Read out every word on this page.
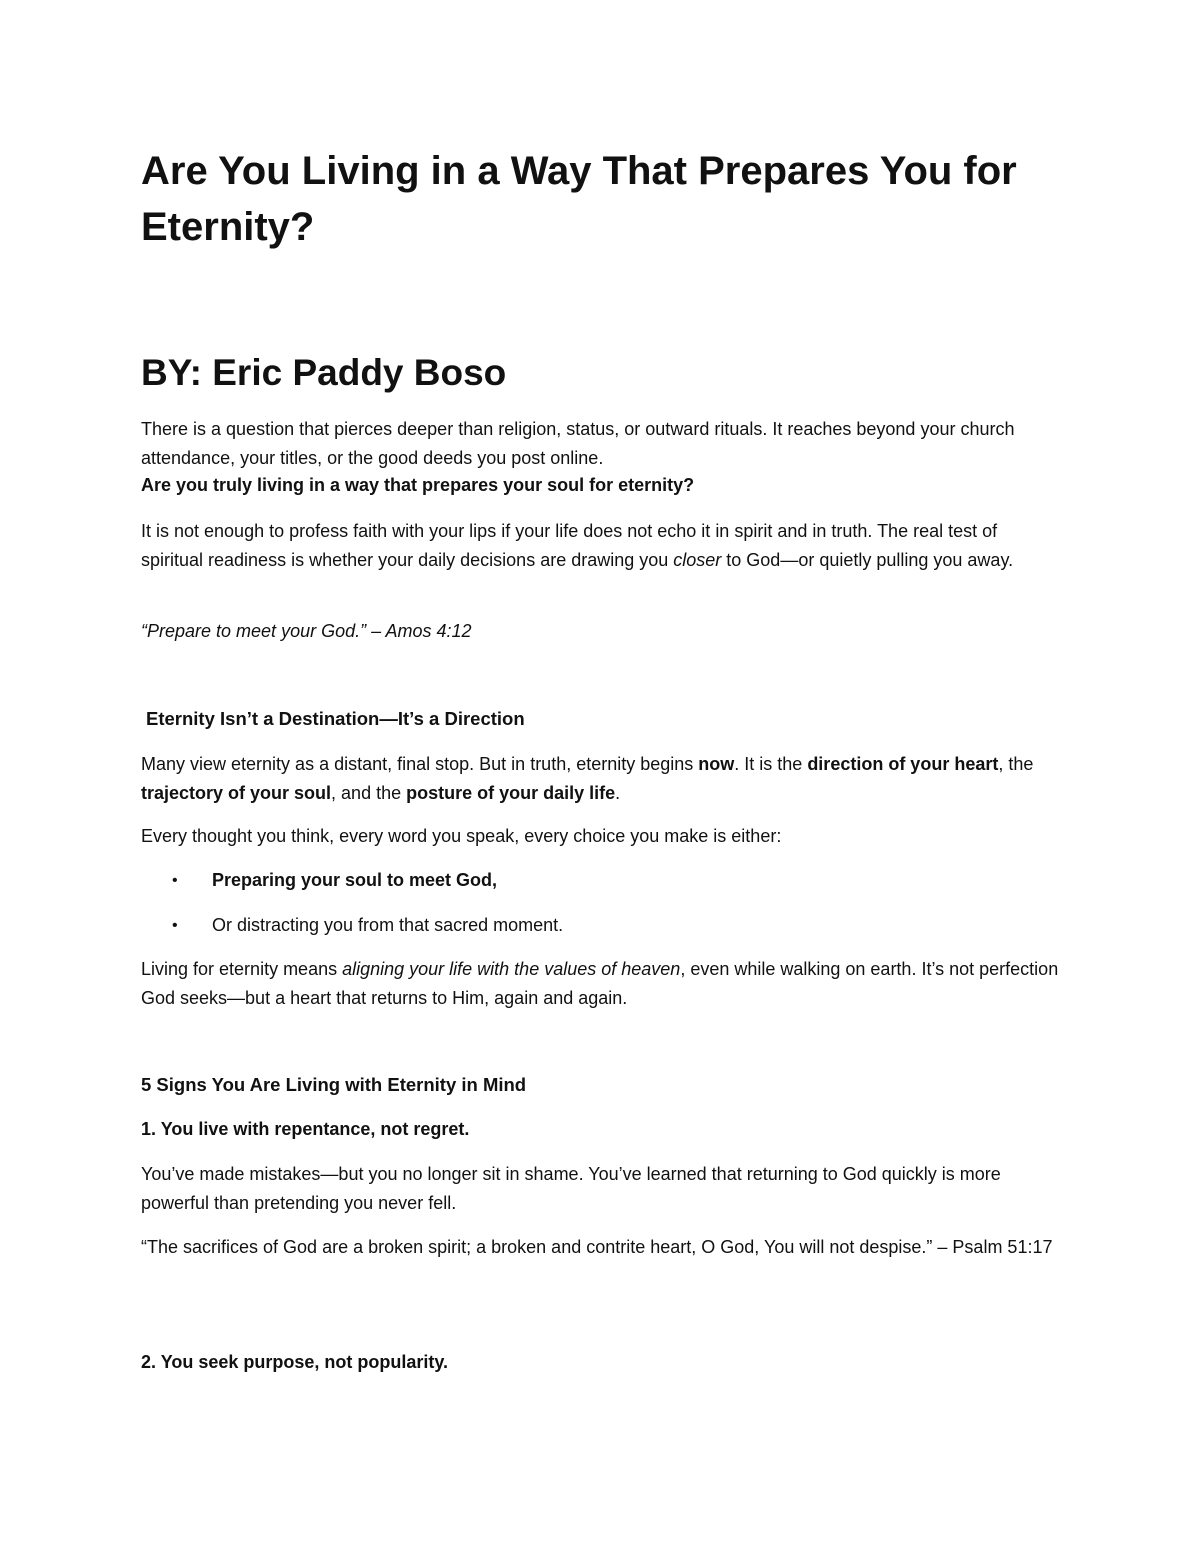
Are You Living in a Way That Prepares You for Eternity?
BY: Eric Paddy Boso

There is a question that pierces deeper than religion, status, or outward rituals. It reaches beyond your church attendance, your titles, or the good deeds you post online.

Are you truly living in a way that prepares your soul for eternity?

It is not enough to profess faith with your lips if your life does not echo it in spirit and in truth. The real test of spiritual readiness is whether your daily decisions are drawing you closer to God—or quietly pulling you away.

“Prepare to meet your God.” – Amos 4:12

Eternity Isn’t a Destination—It’s a Direction

Many view eternity as a distant, final stop. But in truth, eternity begins now. It is the direction of your heart, the trajectory of your soul, and the posture of your daily life.

Every thought you think, every word you speak, every choice you make is either:

• Preparing your soul to meet God,
• Or distracting you from that sacred moment.

Living for eternity means aligning your life with the values of heaven, even while walking on earth. It’s not perfection God seeks—but a heart that returns to Him, again and again.

5 Signs You Are Living with Eternity in Mind
1. You live with repentance, not regret.

You’ve made mistakes—but you no longer sit in shame. You’ve learned that returning to God quickly is more powerful than pretending you never fell.

“The sacrifices of God are a broken spirit; a broken and contrite heart, O God, You will not despise.” – Psalm 51:17

2. You seek purpose, not popularity.
